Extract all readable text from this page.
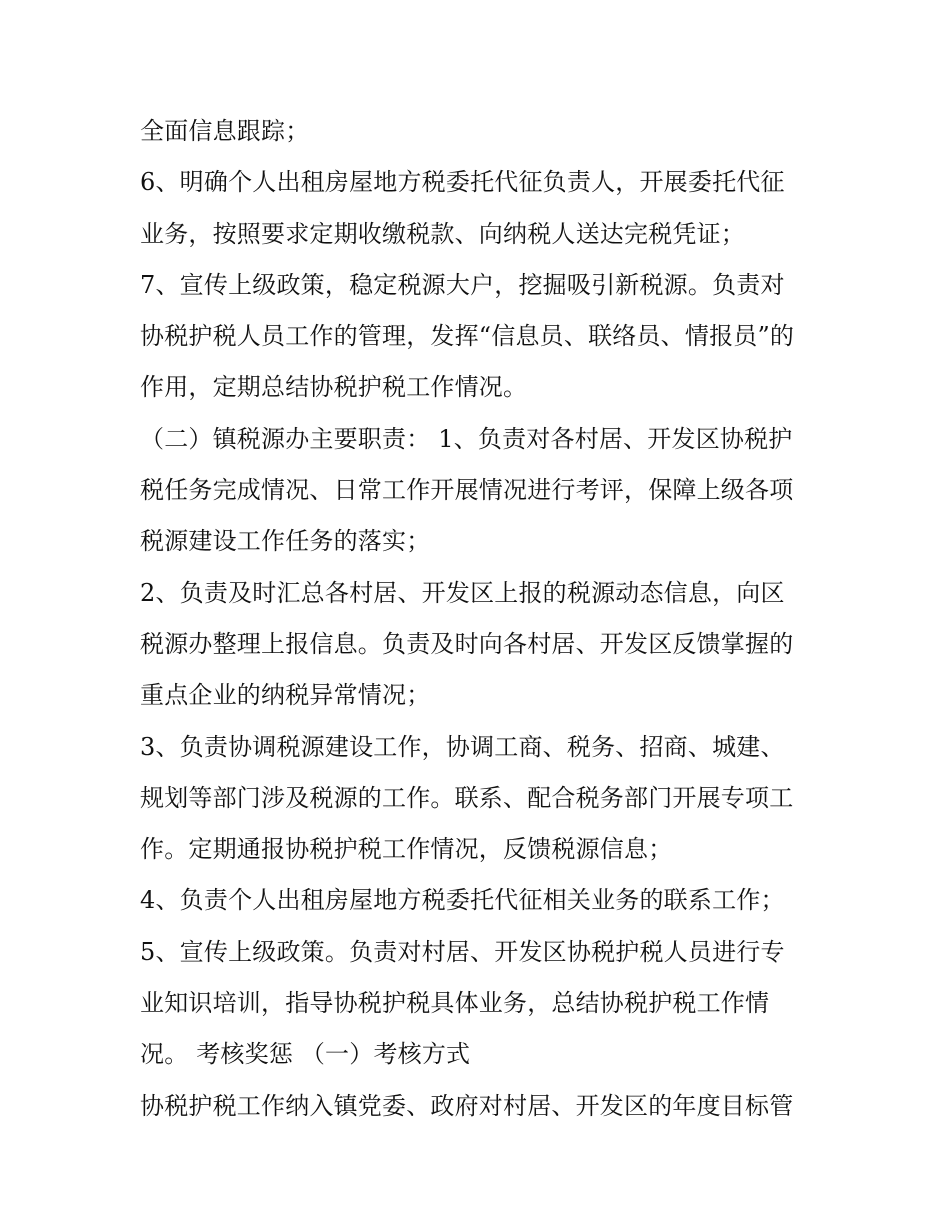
全面信息跟踪；
6、明确个人出租房屋地方税委托代征负责人，开展委托代征
业务，按照要求定期收缴税款、向纳税人送达完税凭证；
7、宣传上级政策，稳定税源大户，挖掘吸引新税源。负责对
协税护税人员工作的管理，发挥“信息员、联络员、情报员”的
作用，定期总结协税护税工作情况。
（二）镇税源办主要职责： 1、负责对各村居、开发区协税护
税任务完成情况、日常工作开展情况进行考评，保障上级各项
税源建设工作任务的落实；
2、负责及时汇总各村居、开发区上报的税源动态信息，向区
税源办整理上报信息。负责及时向各村居、开发区反馈掌握的
重点企业的纳税异常情况；
3、负责协调税源建设工作，协调工商、税务、招商、城建、
规划等部门涉及税源的工作。联系、配合税务部门开展专项工
作。定期通报协税护税工作情况，反馈税源信息；
4、负责个人出租房屋地方税委托代征相关业务的联系工作；
5、宣传上级政策。负责对村居、开发区协税护税人员进行专
业知识培训，指导协税护税具体业务，总结协税护税工作情
况。 考核奖惩 （一）考核方式
协税护税工作纳入镇党委、政府对村居、开发区的年度目标管
